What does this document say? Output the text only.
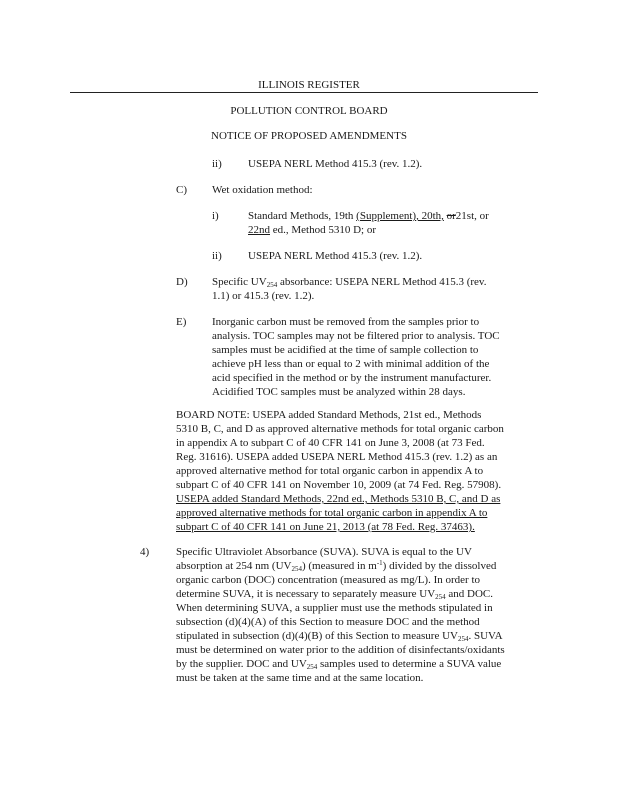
ILLINOIS REGISTER
POLLUTION CONTROL BOARD
NOTICE OF PROPOSED AMENDMENTS
ii) USEPA NERL Method 415.3 (rev. 1.2).
C) Wet oxidation method:
i)	Standard Methods, 19th (Supplement), 20th, or21st, or
22nd ed., Method 5310 D; or
ii) USEPA NERL Method 415.3 (rev. 1.2).
D) Specific $UV_{254}$ absorbance: USEPA NERL Method 415.3 (rev.
1.1) or 415.3 (rev. 1.2).
E) Inorganic carbon must be removed from the samples prior to

analysis. TOC samples may not be filtered prior to analysis. TOC

samples must be acidified at the time of sample collection to

achieve pH less than or equal to 2 with minimal addition of the

acid specified in the method or by the instrument manufacturer.

Acidified TOC samples must be analyzed within 28 days.

BOARD NOTE: USEPA added Standard Methods, 21st ed., Methods

5310 B, C, and D as approved alternative methods for total organic carbon

in appendix A to subpart C of 40 CFR 141 on June 3, 2008 (at 73 Fed.

Reg. 31616). USEPA added USEPA NERL Method 415.3 (rev. 1.2) as an

approved alternative method for total organic carbon in appendix A to

subpart C of 40 CFR 141 on November 10, 2009 (at 74 Fed. Reg. 57908).

USEPA added Standard Methods, 22nd ed., Methods 5310 B, C, and D as

approved alternative methods for total organic carbon in appendix A to

subpart C of 40 CFR 141 on June 21, 2013 (at 78 Fed. Reg. 37463).

4) Specific Ultraviolet Absorbance (SUVA). SUVA is equal to the UV

absorption at 254 nm $(UV_{254})$ (measured in $m^{-1}$) divided by the dissolved

organic carbon (DOC) concentration (measured as mg/L). In order to

determine SUVA, it is necessary to separately measure $UV_{254}$ and DOC.

When determining SUVA, a supplier must use the methods stipulated in

subsection (d)(4)(A) of this Section to measure DOC and the method

stipulated in subsection (d)(4)(B) of this Section to measure $UV_{254}$. SUVA

must be determined on water prior to the addition of disinfectants/oxidants

by the supplier. DOC and $UV_{254}$ samples used to determine a SUVA value

must be taken at the same time and at the same location.
